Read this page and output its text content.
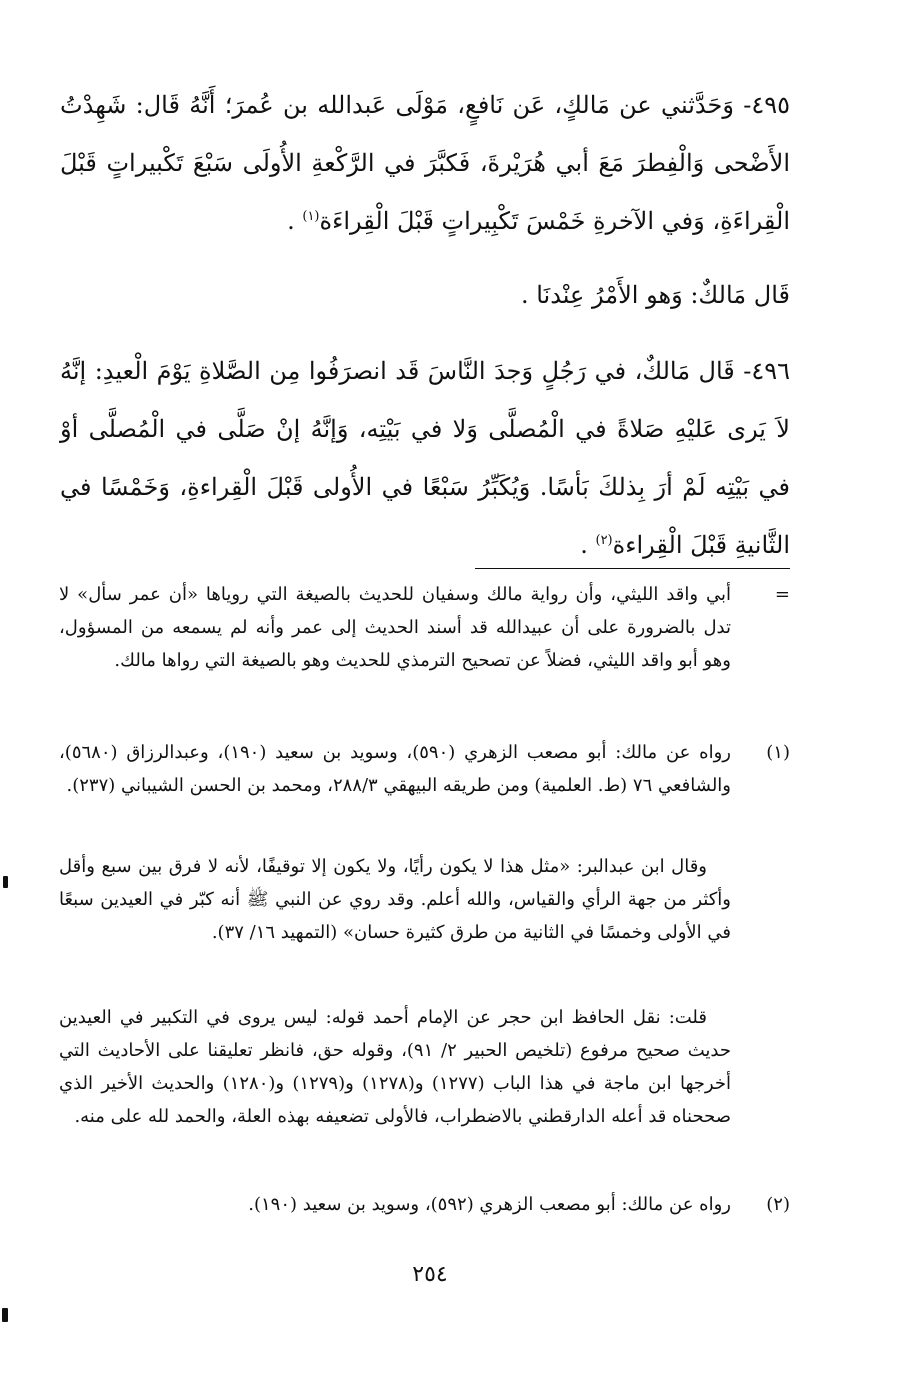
٤٩٥- وَحَدَّثني عن مَالكٍ، عَن نَافعٍ، مَوْلَى عَبدالله بن عُمرَ؛ أَنَّهُ قَال: شَهِدْتُ الأَضْحى وَالْفِطرَ مَعَ أبي هُرَيْرةَ، فَكبَّرَ في الرَّكْعةِ الأُولَى سَبْعَ تَكْبيراتٍ قَبْلَ الْقِراءَةِ، وَفي الآخرةِ خَمْسَ تَكْبِيراتٍ قَبْلَ الْقِراءَة$^{(١)}$ .

قَال مَالكٌ: وَهو الأَمْرُ عِنْدنَا .

٤٩٦- قَال مَالكٌ، في رَجُلٍ وَجدَ النَّاسَ قَد انصرَفُوا مِن الصَّلاةِ يَوْمَ الْعيدِ: إنَّهُ لاَ يَرى عَليْهِ صَلاةً في الْمُصلَّى وَلا في بَيْتِه، وَإنَّهُ إنْ صَلَّى في الْمُصلَّى أوْ في بَيْتِه لَمْ أرَ بِذلكَ بَأسًا. وَيُكَبِّرُ سَبْعًا في الأُولى قَبْلَ الْقِراءةِ، وَخَمْسًا في الثَّانيةِ قَبْلَ الْقِراءة$^{(٢)}$ .

=

أبي واقد الليثي، وأن رواية مالك وسفيان للحديث بالصيغة التي روياها «أن عمر سأل» لا تدل بالضرورة على أن عبيدالله قد أسند الحديث إلى عمر وأنه لم يسمعه من المسؤول، وهو أبو واقد الليثي، فضلاً عن تصحيح الترمذي للحديث وهو بالصيغة التي رواها مالك.

(١)

رواه عن مالك: أبو مصعب الزهري (٥٩٠)، وسويد بن سعيد (١٩٠)، وعبدالرزاق (٥٦٨٠)، والشافعي ٧٦ (ط. العلمية) ومن طريقه البيهقي ٢٨٨/٣، ومحمد بن الحسن الشيباني (٢٣٧).

وقال ابن عبدالبر: «مثل هذا لا يكون رأيًا، ولا يكون إلا توقيفًا، لأنه لا فرق بين سبع وأقل وأكثر من جهة الرأي والقياس، والله أعلم. وقد روي عن النبي ﷺ أنه كبّر في العيدين سبعًا في الأولى وخمسًا في الثانية من طرق كثيرة حسان» (التمهيد ١٦/ ٣٧).

قلت: نقل الحافظ ابن حجر عن الإمام أحمد قوله: ليس يروى في التكبير في العيدين حديث صحيح مرفوع (تلخيص الحبير ٢/ ٩١)، وقوله حق، فانظر تعليقنا على الأحاديث التي أخرجها ابن ماجة في هذا الباب (١٢٧٧) و(١٢٧٨) و(١٢٧٩) و(١٢٨٠) والحديث الأخير الذي صححناه قد أعله الدارقطني بالاضطراب، فالأولى تضعيفه بهذه العلة، والحمد لله على منه.

(٢)

رواه عن مالك: أبو مصعب الزهري (٥٩٢)، وسويد بن سعيد (١٩٠).

٢٥٤
